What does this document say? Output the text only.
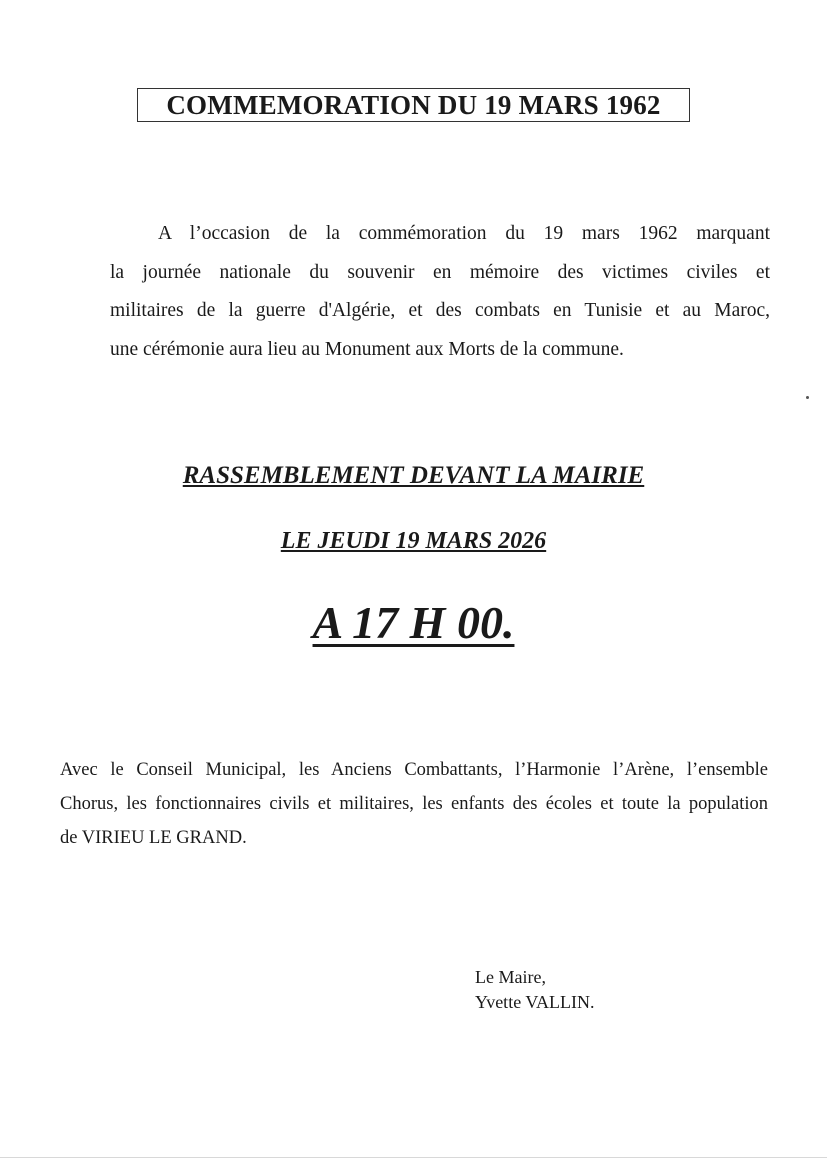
COMMEMORATION DU 19 MARS 1962
A l’occasion de la commémoration du 19 mars 1962 marquant
la journée nationale du souvenir en mémoire des victimes civiles et
militaires de la guerre d'Algérie, et des combats en Tunisie et au Maroc,
une cérémonie aura lieu au Monument aux Morts de la commune.
RASSEMBLEMENT DEVANT LA MAIRIE
LE JEUDI 19 MARS 2026
A 17 H 00.
Avec le Conseil Municipal, les Anciens Combattants, l’Harmonie l’Arène, l’ensemble
Chorus, les fonctionnaires civils et militaires, les enfants des écoles et toute la population
de VIRIEU LE GRAND.
Le Maire,
Yvette VALLIN.
